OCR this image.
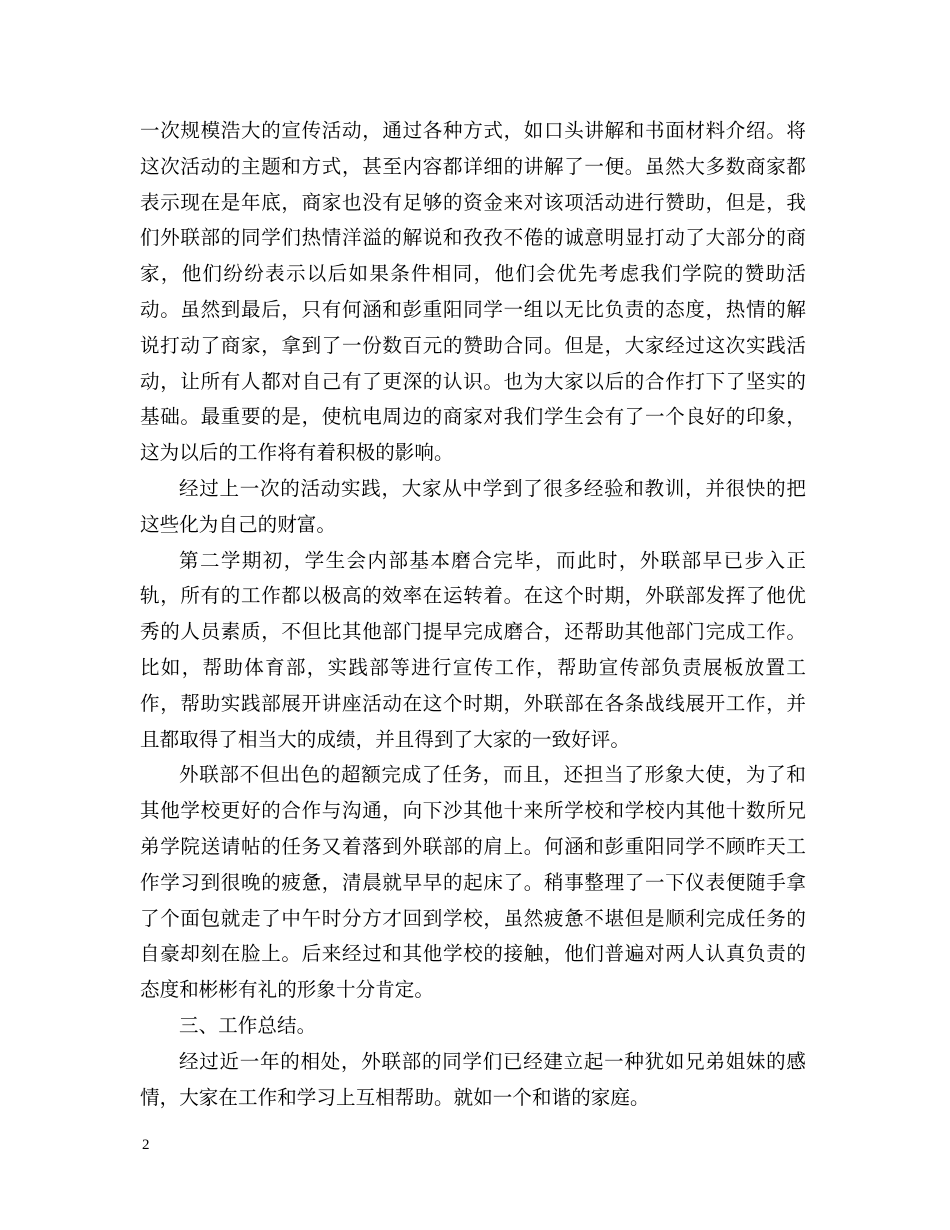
一次规模浩大的宣传活动，通过各种方式，如口头讲解和书面材料介绍。将这次活动的主题和方式，甚至内容都详细的讲解了一便。虽然大多数商家都表示现在是年底，商家也没有足够的资金来对该项活动进行赞助，但是，我们外联部的同学们热情洋溢的解说和孜孜不倦的诚意明显打动了大部分的商家，他们纷纷表示以后如果条件相同，他们会优先考虑我们学院的赞助活动。虽然到最后，只有何涵和彭重阳同学一组以无比负责的态度，热情的解说打动了商家，拿到了一份数百元的赞助合同。但是，大家经过这次实践活动，让所有人都对自己有了更深的认识。也为大家以后的合作打下了坚实的基础。最重要的是，使杭电周边的商家对我们学生会有了一个良好的印象，这为以后的工作将有着积极的影响。

经过上一次的活动实践，大家从中学到了很多经验和教训，并很快的把这些化为自己的财富。

第二学期初，学生会内部基本磨合完毕，而此时，外联部早已步入正轨，所有的工作都以极高的效率在运转着。在这个时期，外联部发挥了他优秀的人员素质，不但比其他部门提早完成磨合，还帮助其他部门完成工作。比如，帮助体育部，实践部等进行宣传工作，帮助宣传部负责展板放置工作，帮助实践部展开讲座活动在这个时期，外联部在各条战线展开工作，并且都取得了相当大的成绩，并且得到了大家的一致好评。

外联部不但出色的超额完成了任务，而且，还担当了形象大使，为了和其他学校更好的合作与沟通，向下沙其他十来所学校和学校内其他十数所兄弟学院送请帖的任务又着落到外联部的肩上。何涵和彭重阳同学不顾昨天工作学习到很晚的疲惫，清晨就早早的起床了。稍事整理了一下仪表便随手拿了个面包就走了中午时分方才回到学校，虽然疲惫不堪但是顺利完成任务的自豪却刻在脸上。后来经过和其他学校的接触，他们普遍对两人认真负责的态度和彬彬有礼的形象十分肯定。

三、工作总结。

经过近一年的相处，外联部的同学们已经建立起一种犹如兄弟姐妹的感情，大家在工作和学习上互相帮助。就如一个和谐的家庭。

2
